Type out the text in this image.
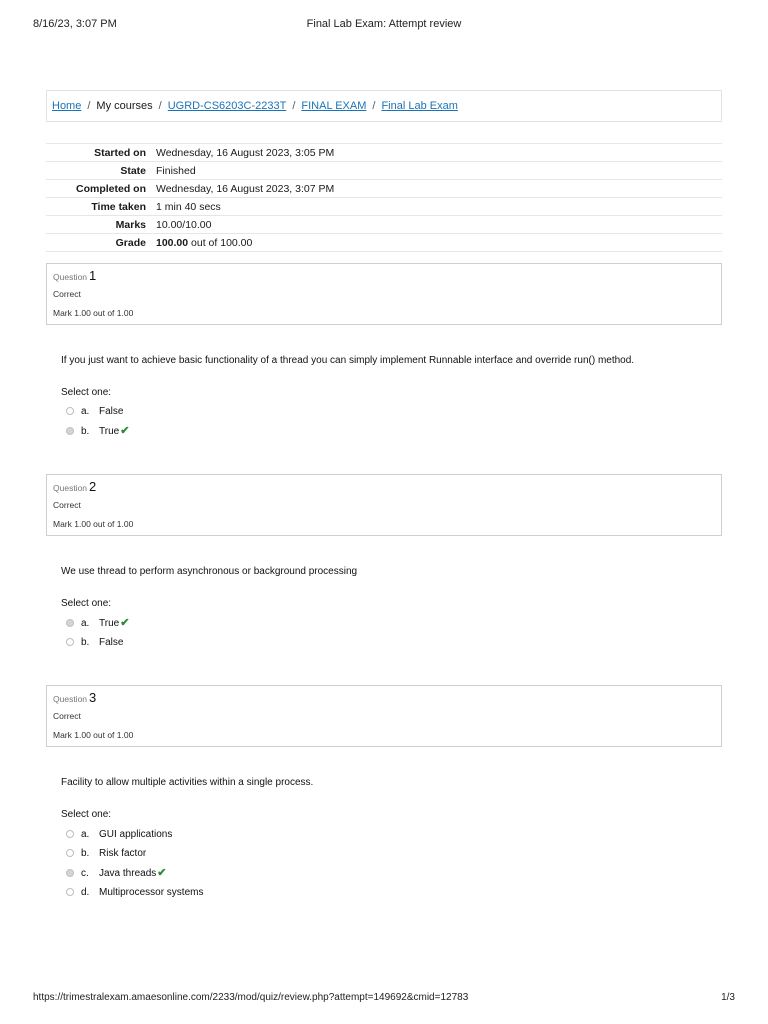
8/16/23, 3:07 PM	Final Lab Exam: Attempt review
Home / My courses / UGRD-CS6203C-2233T / FINAL EXAM / Final Lab Exam
Started on	Wednesday, 16 August 2023, 3:05 PM
State	Finished
Completed on	Wednesday, 16 August 2023, 3:07 PM
Time taken	1 min 40 secs
Marks	10.00/10.00
Grade	100.00 out of 100.00
Question 1
Correct
Mark 1.00 out of 1.00
If you just want to achieve basic functionality of a thread you can simply implement Runnable interface and override run() method.
Select one:
a. False
b. True✔
Question 2
Correct
Mark 1.00 out of 1.00
We use thread to perform asynchronous or background processing
Select one:
a. True✔
b. False
Question 3
Correct
Mark 1.00 out of 1.00
Facility to allow multiple activities within a single process.
Select one:
a. GUI applications
b. Risk factor
c. Java threads✔
d. Multiprocessor systems
https://trimestralexam.amaesonline.com/2233/mod/quiz/review.php?attempt=149692&cmid=12783	1/3
